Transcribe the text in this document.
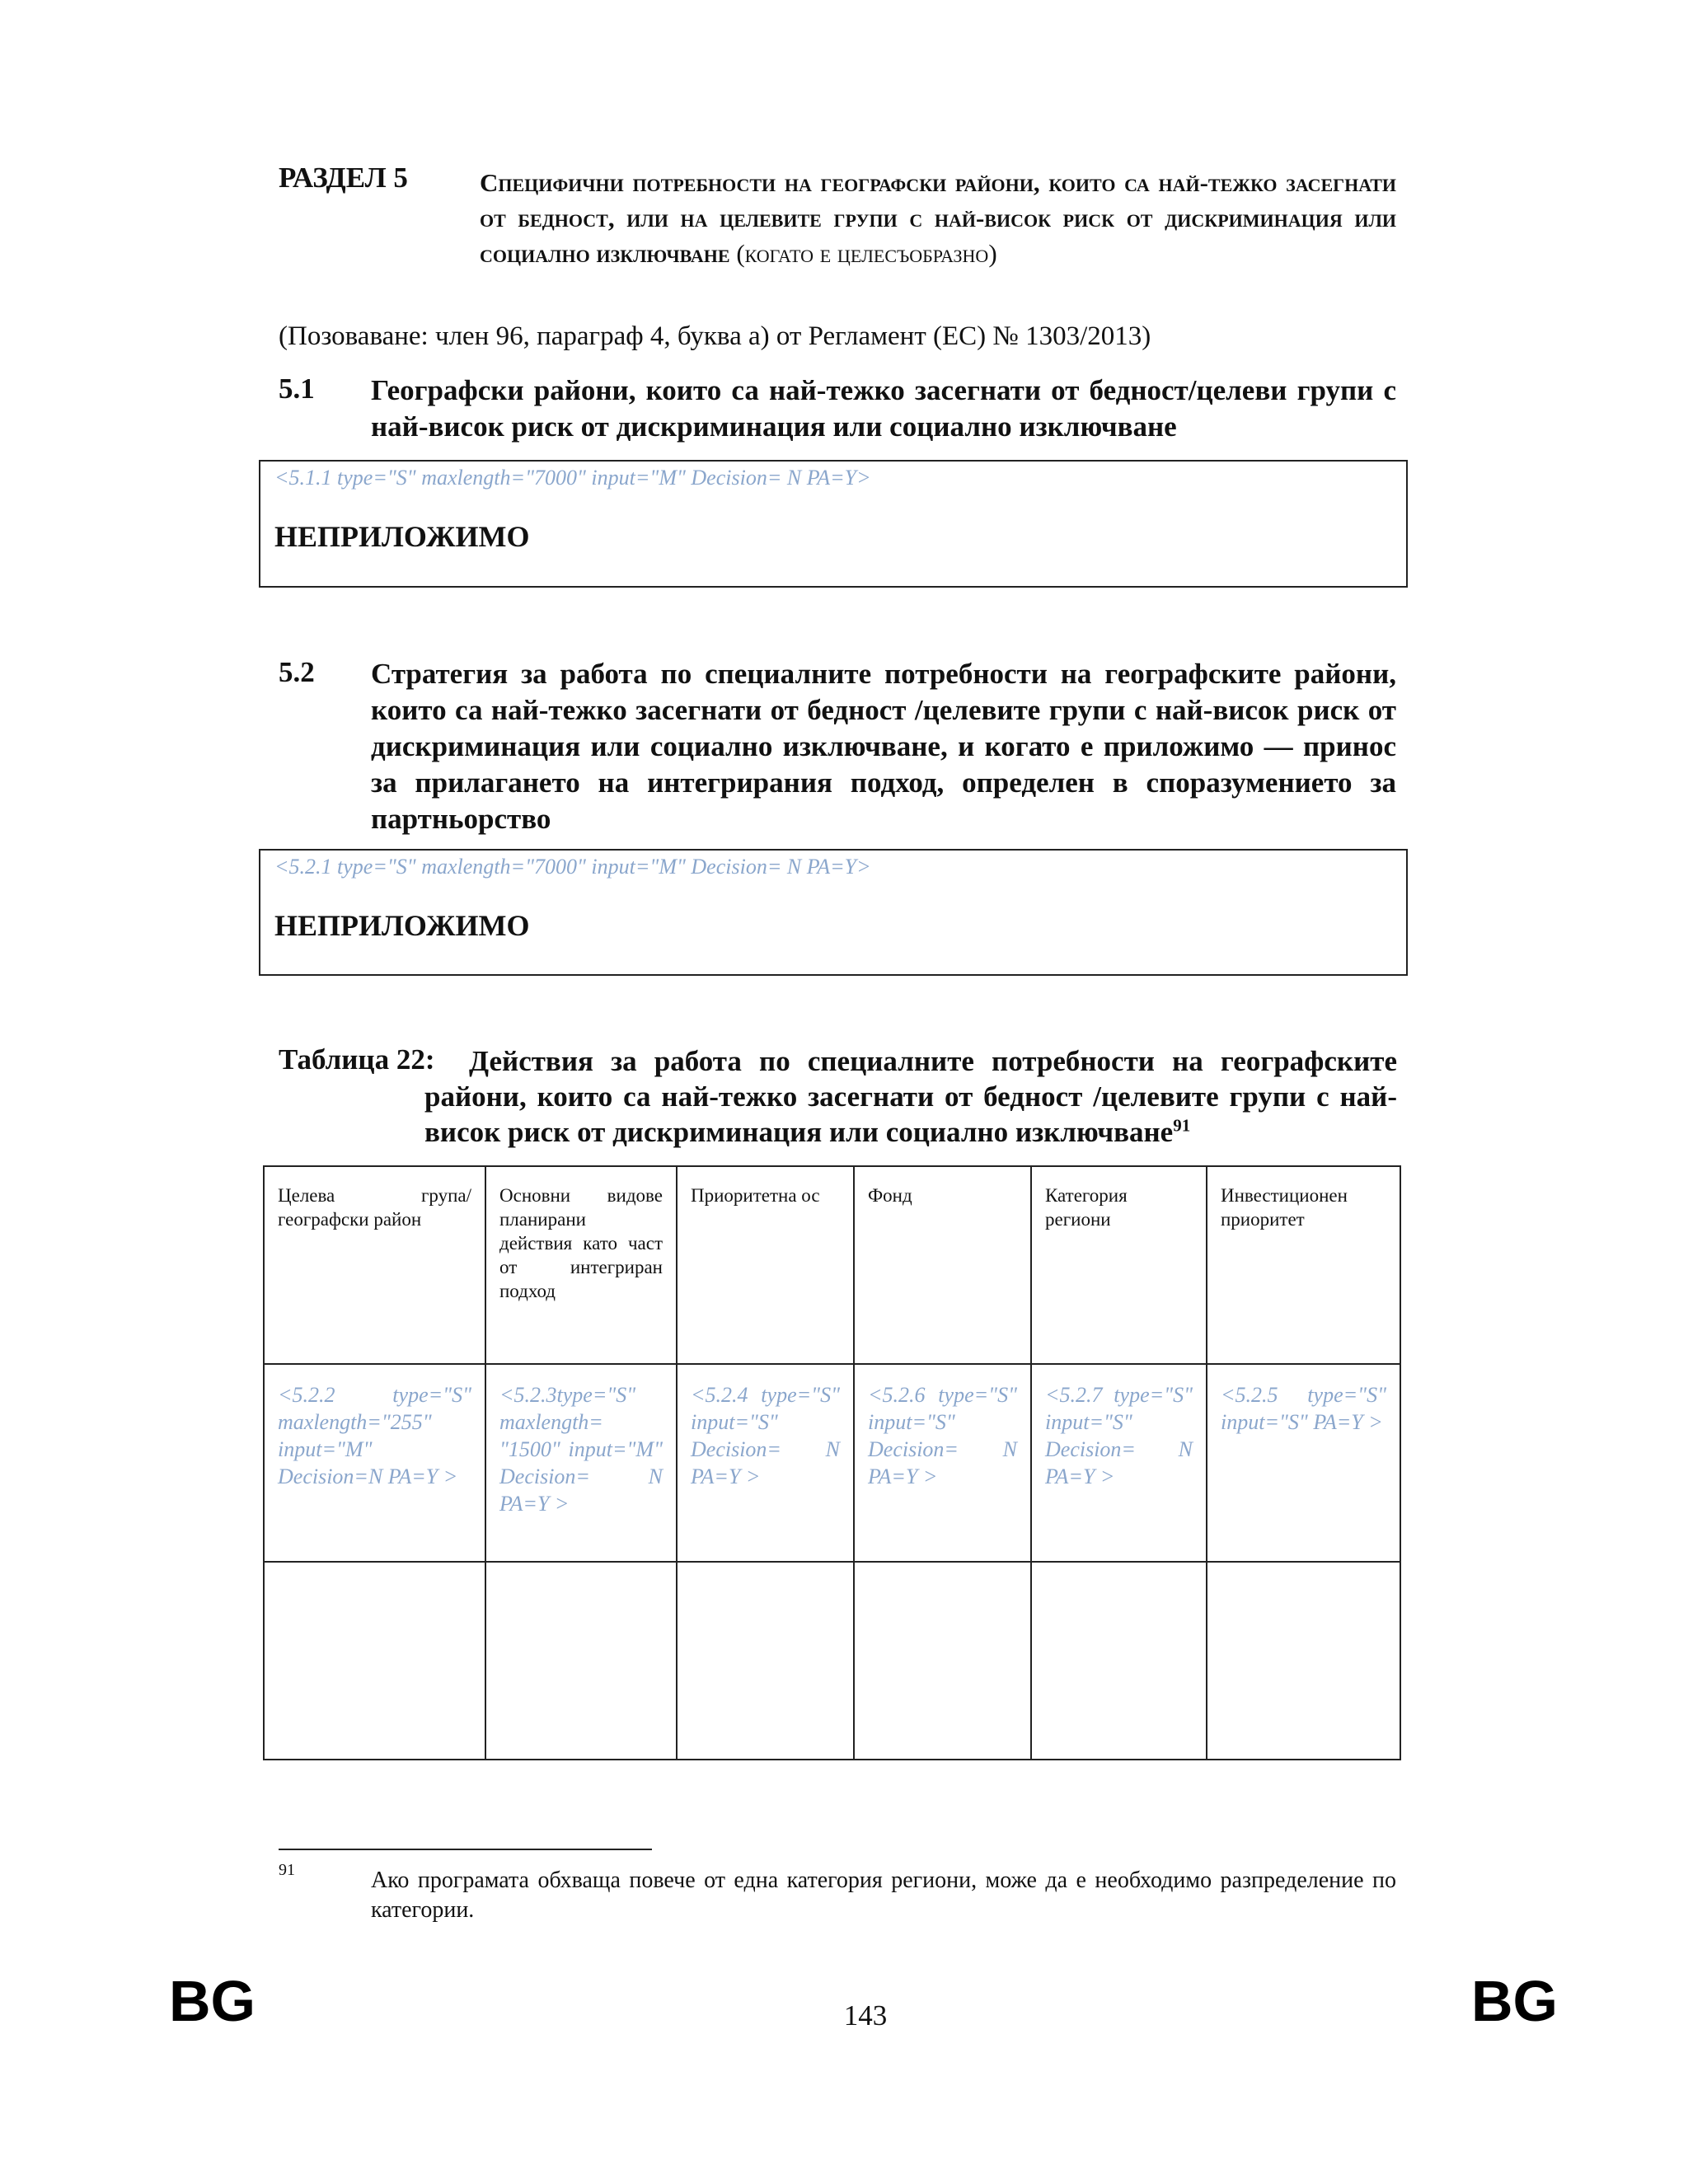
РАЗДЕЛ 5	Специфични потребности на географски райони, които са най-тежко засегнати от бедност, или на целевите групи с най-висок риск от дискриминация или социално изключване (когато е целесъобразно)
(Позоваване: член 96, параграф 4, буква а) от Регламент (ЕС) № 1303/2013)
5.1 Географски райони, които са най-тежко засегнати от бедност/целеви групи с най-висок риск от дискриминация или социално изключване
<5.1.1 type="S" maxlength="7000" input="M" Decision= N PA=Y>
НЕПРИЛОЖИМО
5.2 Стратегия за работа по специалните потребности на географските райони, които са най-тежко засегнати от бедност /целевите групи с най-висок риск от дискриминация или социално изключване, и когато е приложимо — принос за прилагането на интегрирания подход, определен в споразумението за партньорство
<5.2.1 type="S" maxlength="7000" input="M" Decision= N PA=Y>
НЕПРИЛОЖИМО
Таблица 22:	Действия за работа по специалните потребности на географските райони, които са най-тежко засегнати от бедност /целевите групи с най-висок риск от дискриминация или социално изключване$^{91}$
Целева група/географски район	Основни видове планирани действия като част от интегриран подход	Приоритетна ос	Фонд	Категория региони	Инвестиционен приоритет

<5.2.2 type="S" maxlength="255" input="M" Decision=N PA=Y >	<5.2.3type="S" maxlength= "1500" input="M" Decision= N PA=Y >	<5.2.4 type="S" input="S" Decision= N PA=Y >	<5.2.6 type="S" input="S" Decision= N PA=Y >	<5.2.7 type="S" input="S" Decision= N PA=Y >	<5.2.5 type="S" input="S" PA=Y >

91	Ако програмата обхваща повече от една категория региони, може да е необходимо разпределение по категории.
BG	143	BG
